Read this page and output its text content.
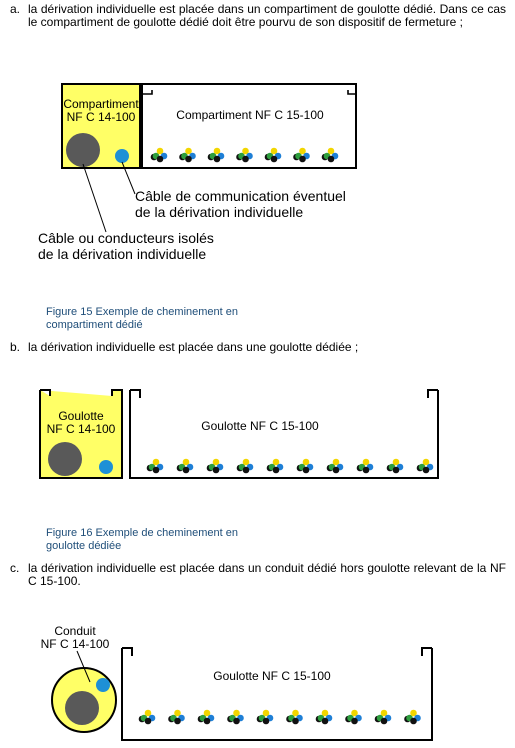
a. la dérivation individuelle est placée dans un compartiment de goulotte dédié. Dans ce cas le compartiment de goulotte dédié doit être pourvu de son dispositif de fermeture ;
Compartiment
NF C 14-100	Compartiment NF C 15-100
Câble de communication éventuel
de la dérivation individuelle
Câble ou conducteurs isolés
de la dérivation individuelle
Figure 15 Exemple de cheminement en
compartiment dédié
b. la dérivation individuelle est placée dans une goulotte dédiée ;
Goulotte
NF C 14-100	Goulotte NF C 15-100
Figure 16 Exemple de cheminement en
goulotte dédiée
c. la dérivation individuelle est placée dans un conduit dédié hors goulotte relevant de la NF C 15-100.
Conduit
NF C 14-100
Goulotte NF C 15-100
